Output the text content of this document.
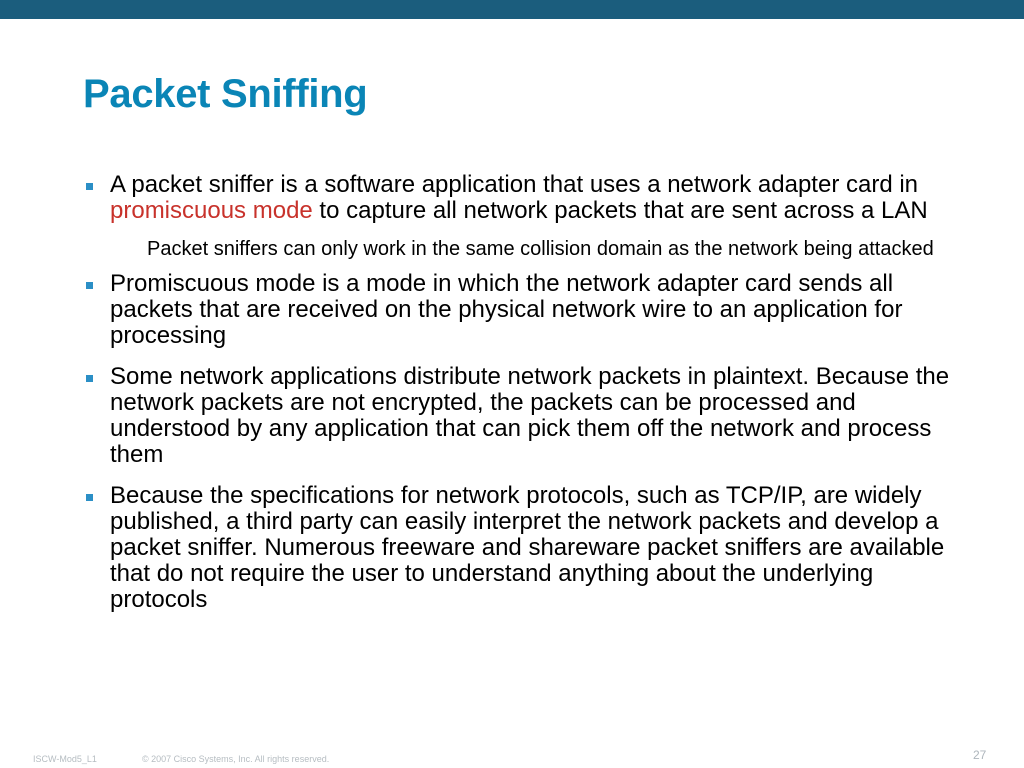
Packet Sniffing
A packet sniffer is a software application that uses a network adapter card in promiscuous mode to capture all network packets that are sent across a LAN
Packet sniffers can only work in the same collision domain as the network being attacked
Promiscuous mode is a mode in which the network adapter card sends all packets that are received on the physical network wire to an application for processing
Some network applications distribute network packets in plaintext. Because the network packets are not encrypted, the packets can be processed and understood by any application that can pick them off the network and process them
Because the specifications for network protocols, such as TCP/IP, are widely published, a third party can easily interpret the network packets and develop a packet sniffer. Numerous freeware and shareware packet sniffers are available that do not require the user to understand anything about the underlying protocols
ISCW-Mod5_L1	© 2007 Cisco Systems, Inc. All rights reserved.	27
